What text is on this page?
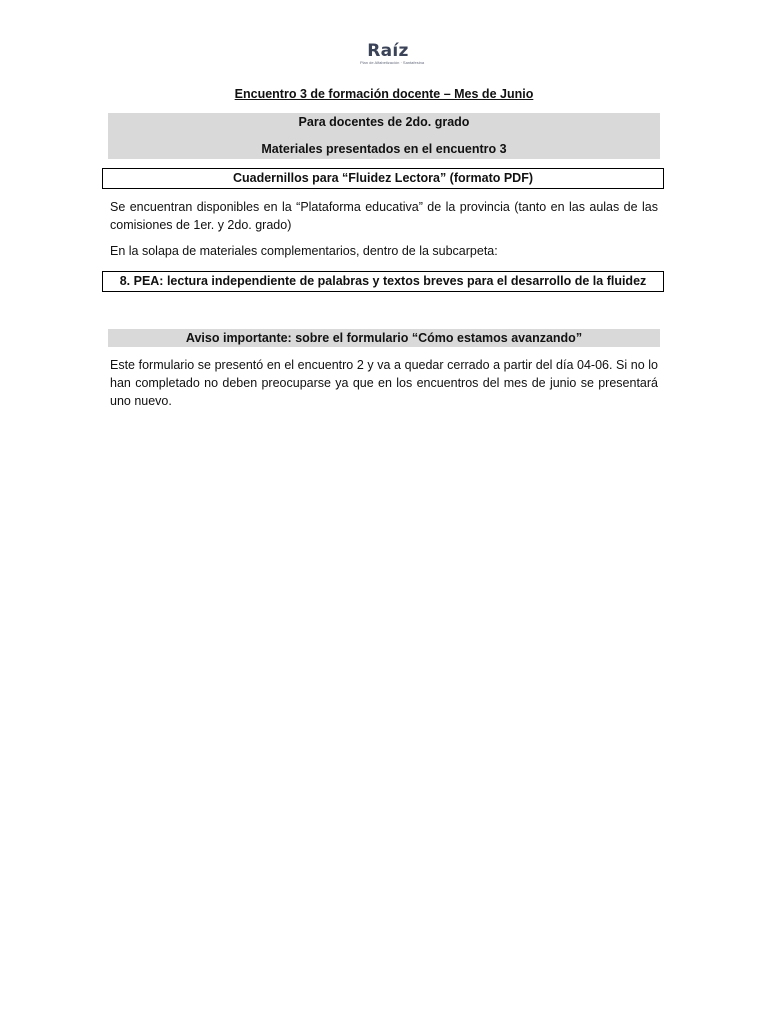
Raíz
Plan de Alfabetización · Santafesina
Encuentro 3 de formación docente – Mes de Junio
Para docentes de 2do. grado
Materiales presentados en el encuentro 3
Cuadernillos para “Fluidez Lectora” (formato PDF)
Se encuentran disponibles en la “Plataforma educativa” de la provincia (tanto en las aulas de las comisiones de 1er. y 2do. grado)
En la solapa de materiales complementarios, dentro de la subcarpeta:
8. PEA: lectura independiente de palabras y textos breves para el desarrollo de la fluidez
Aviso importante: sobre el formulario “Cómo estamos avanzando”
Este formulario se presentó en el encuentro 2 y va a quedar cerrado a partir del día 04-06. Si no lo han completado no deben preocuparse ya que en los encuentros del mes de junio se presentará uno nuevo.
